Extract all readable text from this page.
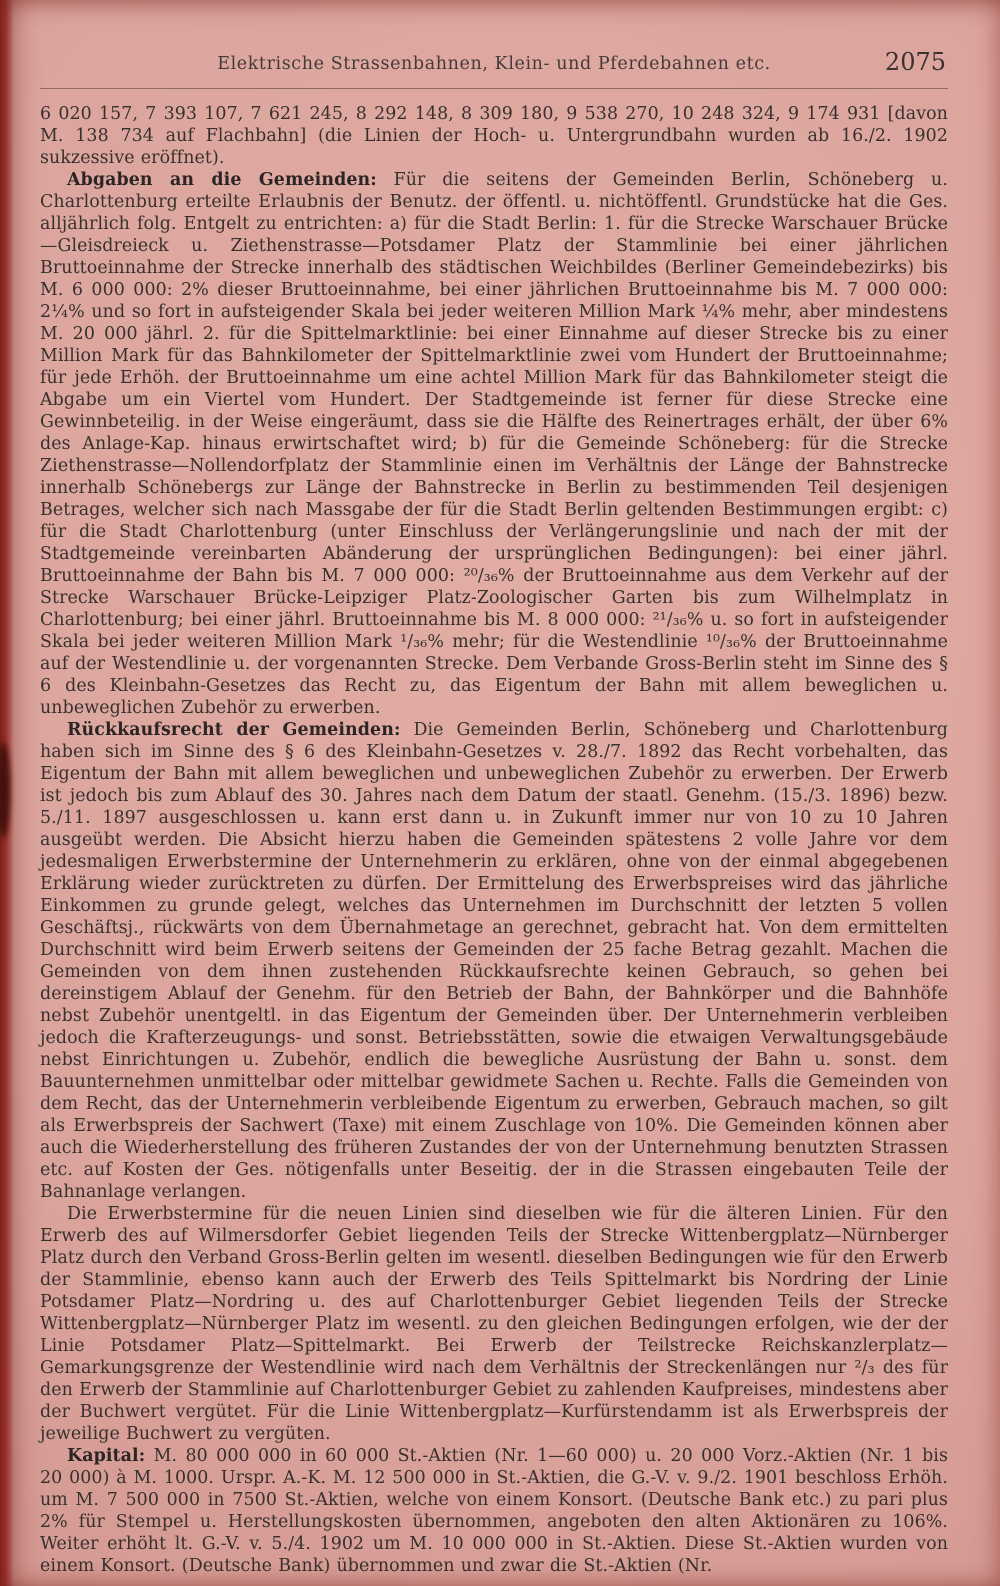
Elektrische Strassenbahnen, Klein- und Pferdebahnen etc.	2075

6 020 157, 7 393 107, 7 621 245, 8 292 148, 8 309 180, 9 538 270, 10 248 324, 9 174 931 [davon M. 138 734 auf Flachbahn] (die Linien der Hoch- u. Untergrundbahn wurden ab 16./2. 1902 sukzessive eröffnet).

Abgaben an die Gemeinden: Für die seitens der Gemeinden Berlin, Schöneberg u. Charlottenburg erteilte Erlaubnis der Benutz. der öffentl. u. nichtöffentl. Grundstücke hat die Ges. alljährlich folg. Entgelt zu entrichten: a) für die Stadt Berlin: 1. für die Strecke Warschauer Brücke—Gleisdreieck u. Ziethenstrasse—Potsdamer Platz der Stammlinie bei einer jährlichen Bruttoeinnahme der Strecke innerhalb des städtischen Weichbildes (Berliner Gemeindebezirks) bis M. 6 000 000: 2% dieser Bruttoeinnahme, bei einer jährlichen Bruttoeinnahme bis M. 7 000 000: 2¼% und so fort in aufsteigender Skala bei jeder weiteren Million Mark ¼% mehr, aber mindestens M. 20 000 jährl. 2. für die Spittelmarktlinie: bei einer Einnahme auf dieser Strecke bis zu einer Million Mark für das Bahnkilometer der Spittelmarktlinie zwei vom Hundert der Bruttoeinnahme; für jede Erhöh. der Bruttoeinnahme um eine achtel Million Mark für das Bahnkilometer steigt die Abgabe um ein Viertel vom Hundert. Der Stadtgemeinde ist ferner für diese Strecke eine Gewinnbeteilig. in der Weise eingeräumt, dass sie die Hälfte des Reinertrages erhält, der über 6% des Anlage-Kap. hinaus erwirtschaftet wird; b) für die Gemeinde Schöneberg: für die Strecke Ziethenstrasse—Nollendorfplatz der Stammlinie einen im Verhältnis der Länge der Bahnstrecke innerhalb Schönebergs zur Länge der Bahnstrecke in Berlin zu bestimmenden Teil desjenigen Betrages, welcher sich nach Massgabe der für die Stadt Berlin geltenden Bestimmungen ergibt: c) für die Stadt Charlottenburg (unter Einschluss der Verlängerungslinie und nach der mit der Stadtgemeinde vereinbarten Abänderung der ursprünglichen Bedingungen): bei einer jährl. Bruttoeinnahme der Bahn bis M. 7 000 000: ²⁰/₃₆% der Bruttoeinnahme aus dem Verkehr auf der Strecke Warschauer Brücke-Leipziger Platz-Zoologischer Garten bis zum Wilhelmplatz in Charlottenburg; bei einer jährl. Bruttoeinnahme bis M. 8 000 000: ²¹/₃₆% u. so fort in aufsteigender Skala bei jeder weiteren Million Mark ¹/₃₆% mehr; für die Westendlinie ¹⁰/₃₆% der Bruttoeinnahme auf der Westendlinie u. der vorgenannten Strecke. Dem Verbande Gross-Berlin steht im Sinne des § 6 des Kleinbahn-Gesetzes das Recht zu, das Eigentum der Bahn mit allem beweglichen u. unbeweglichen Zubehör zu erwerben.

Rückkaufsrecht der Gemeinden: Die Gemeinden Berlin, Schöneberg und Charlottenburg haben sich im Sinne des § 6 des Kleinbahn-Gesetzes v. 28./7. 1892 das Recht vorbehalten, das Eigentum der Bahn mit allem beweglichen und unbeweglichen Zubehör zu erwerben. Der Erwerb ist jedoch bis zum Ablauf des 30. Jahres nach dem Datum der staatl. Genehm. (15./3. 1896) bezw. 5./11. 1897 ausgeschlossen u. kann erst dann u. in Zukunft immer nur von 10 zu 10 Jahren ausgeübt werden. Die Absicht hierzu haben die Gemeinden spätestens 2 volle Jahre vor dem jedesmaligen Erwerbstermine der Unternehmerin zu erklären, ohne von der einmal abgegebenen Erklärung wieder zurücktreten zu dürfen. Der Ermittelung des Erwerbspreises wird das jährliche Einkommen zu grunde gelegt, welches das Unternehmen im Durchschnitt der letzten 5 vollen Geschäftsj., rückwärts von dem Übernahmetage an gerechnet, gebracht hat. Von dem ermittelten Durchschnitt wird beim Erwerb seitens der Gemeinden der 25 fache Betrag gezahlt. Machen die Gemeinden von dem ihnen zustehenden Rückkaufsrechte keinen Gebrauch, so gehen bei dereinstigem Ablauf der Genehm. für den Betrieb der Bahn, der Bahnkörper und die Bahnhöfe nebst Zubehör unentgeltl. in das Eigentum der Gemeinden über. Der Unternehmerin verbleiben jedoch die Krafterzeugungs- und sonst. Betriebsstätten, sowie die etwaigen Verwaltungsgebäude nebst Einrichtungen u. Zubehör, endlich die bewegliche Ausrüstung der Bahn u. sonst. dem Bauunternehmen unmittelbar oder mittelbar gewidmete Sachen u. Rechte. Falls die Gemeinden von dem Recht, das der Unternehmerin verbleibende Eigentum zu erwerben, Gebrauch machen, so gilt als Erwerbspreis der Sachwert (Taxe) mit einem Zuschlage von 10%. Die Gemeinden können aber auch die Wiederherstellung des früheren Zustandes der von der Unternehmung benutzten Strassen etc. auf Kosten der Ges. nötigenfalls unter Beseitig. der in die Strassen eingebauten Teile der Bahnanlage verlangen.

Die Erwerbstermine für die neuen Linien sind dieselben wie für die älteren Linien. Für den Erwerb des auf Wilmersdorfer Gebiet liegenden Teils der Strecke Wittenbergplatz—Nürnberger Platz durch den Verband Gross-Berlin gelten im wesentl. dieselben Bedingungen wie für den Erwerb der Stammlinie, ebenso kann auch der Erwerb des Teils Spittelmarkt bis Nordring der Linie Potsdamer Platz—Nordring u. des auf Charlottenburger Gebiet liegenden Teils der Strecke Wittenbergplatz—Nürnberger Platz im wesentl. zu den gleichen Bedingungen erfolgen, wie der der Linie Potsdamer Platz—Spittelmarkt. Bei Erwerb der Teilstrecke Reichskanzlerplatz—Gemarkungsgrenze der Westendlinie wird nach dem Verhältnis der Streckenlängen nur ²/₃ des für den Erwerb der Stammlinie auf Charlottenburger Gebiet zu zahlenden Kaufpreises, mindestens aber der Buchwert vergütet. Für die Linie Wittenbergplatz—Kurfürstendamm ist als Erwerbspreis der jeweilige Buchwert zu vergüten.

Kapital: M. 80 000 000 in 60 000 St.-Aktien (Nr. 1—60 000) u. 20 000 Vorz.-Aktien (Nr. 1 bis 20 000) à M. 1000. Urspr. A.-K. M. 12 500 000 in St.-Aktien, die G.-V. v. 9./2. 1901 beschloss Erhöh. um M. 7 500 000 in 7500 St.-Aktien, welche von einem Konsort. (Deutsche Bank etc.) zu pari plus 2% für Stempel u. Herstellungskosten übernommen, angeboten den alten Aktionären zu 106%. Weiter erhöht lt. G.-V. v. 5./4. 1902 um M. 10 000 000 in St.-Aktien. Diese St.-Aktien wurden von einem Konsort. (Deutsche Bank) übernommen und zwar die St.-Aktien (Nr.
